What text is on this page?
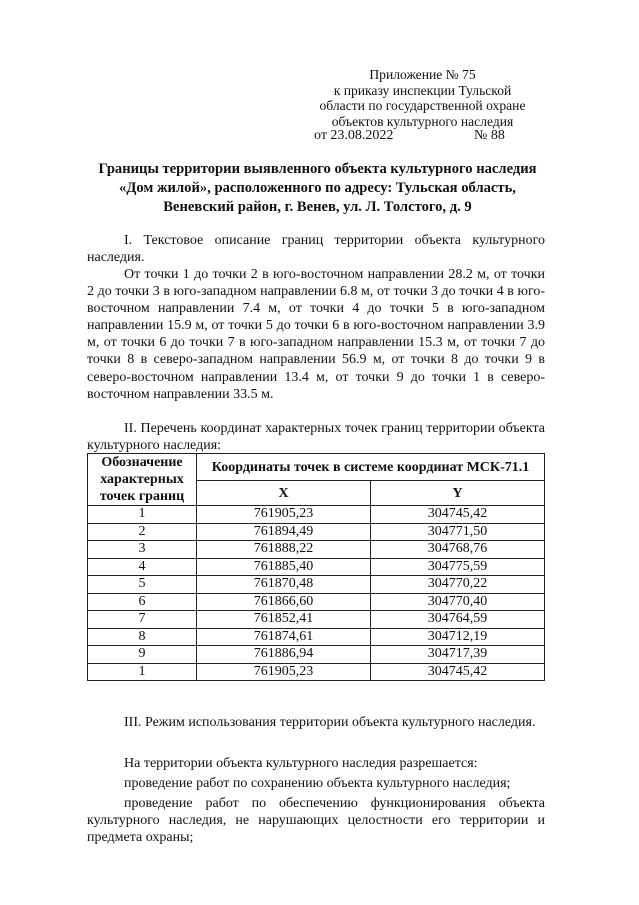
Приложение № 75
к приказу инспекции Тульской
области по государственной охране
объектов культурного наследия
от 23.08.2022	№ 88
Границы территории выявленного объекта культурного наследия
«Дом жилой», расположенного по адресу: Тульская область,
Веневский район, г. Венев, ул. Л. Толстого, д. 9
I. Текстовое описание границ территории объекта культурного наследия.
От точки 1 до точки 2 в юго-восточном направлении 28.2 м, от точки 2 до точки 3 в юго-западном направлении 6.8 м, от точки 3 до точки 4 в юго-восточном направлении 7.4 м, от точки 4 до точки 5 в юго-западном направлении 15.9 м, от точки 5 до точки 6 в юго-восточном направлении 3.9 м, от точки 6 до точки 7 в юго-западном направлении 15.3 м, от точки 7 до точки 8 в северо-западном направлении 56.9 м, от точки 8 до точки 9 в северо-восточном направлении 13.4 м, от точки 9 до точки 1 в северо-восточном направлении 33.5 м.
II. Перечень координат характерных точек границ территории объекта культурного наследия:
Обозначение характерных точек границ	Координаты точек в системе координат МСК-71.1	
	X	Y
1	761905,23	304745,42
2	761894,49	304771,50
3	761888,22	304768,76
4	761885,40	304775,59
5	761870,48	304770,22
6	761866,60	304770,40
7	761852,41	304764,59
8	761874,61	304712,19
9	761886,94	304717,39
1	761905,23	304745,42
III. Режим использования территории объекта культурного наследия.
На территории объекта культурного наследия разрешается:
проведение работ по сохранению объекта культурного наследия;
проведение работ по обеспечению функционирования объекта культурного наследия, не нарушающих целостности его территории и предмета охраны;
